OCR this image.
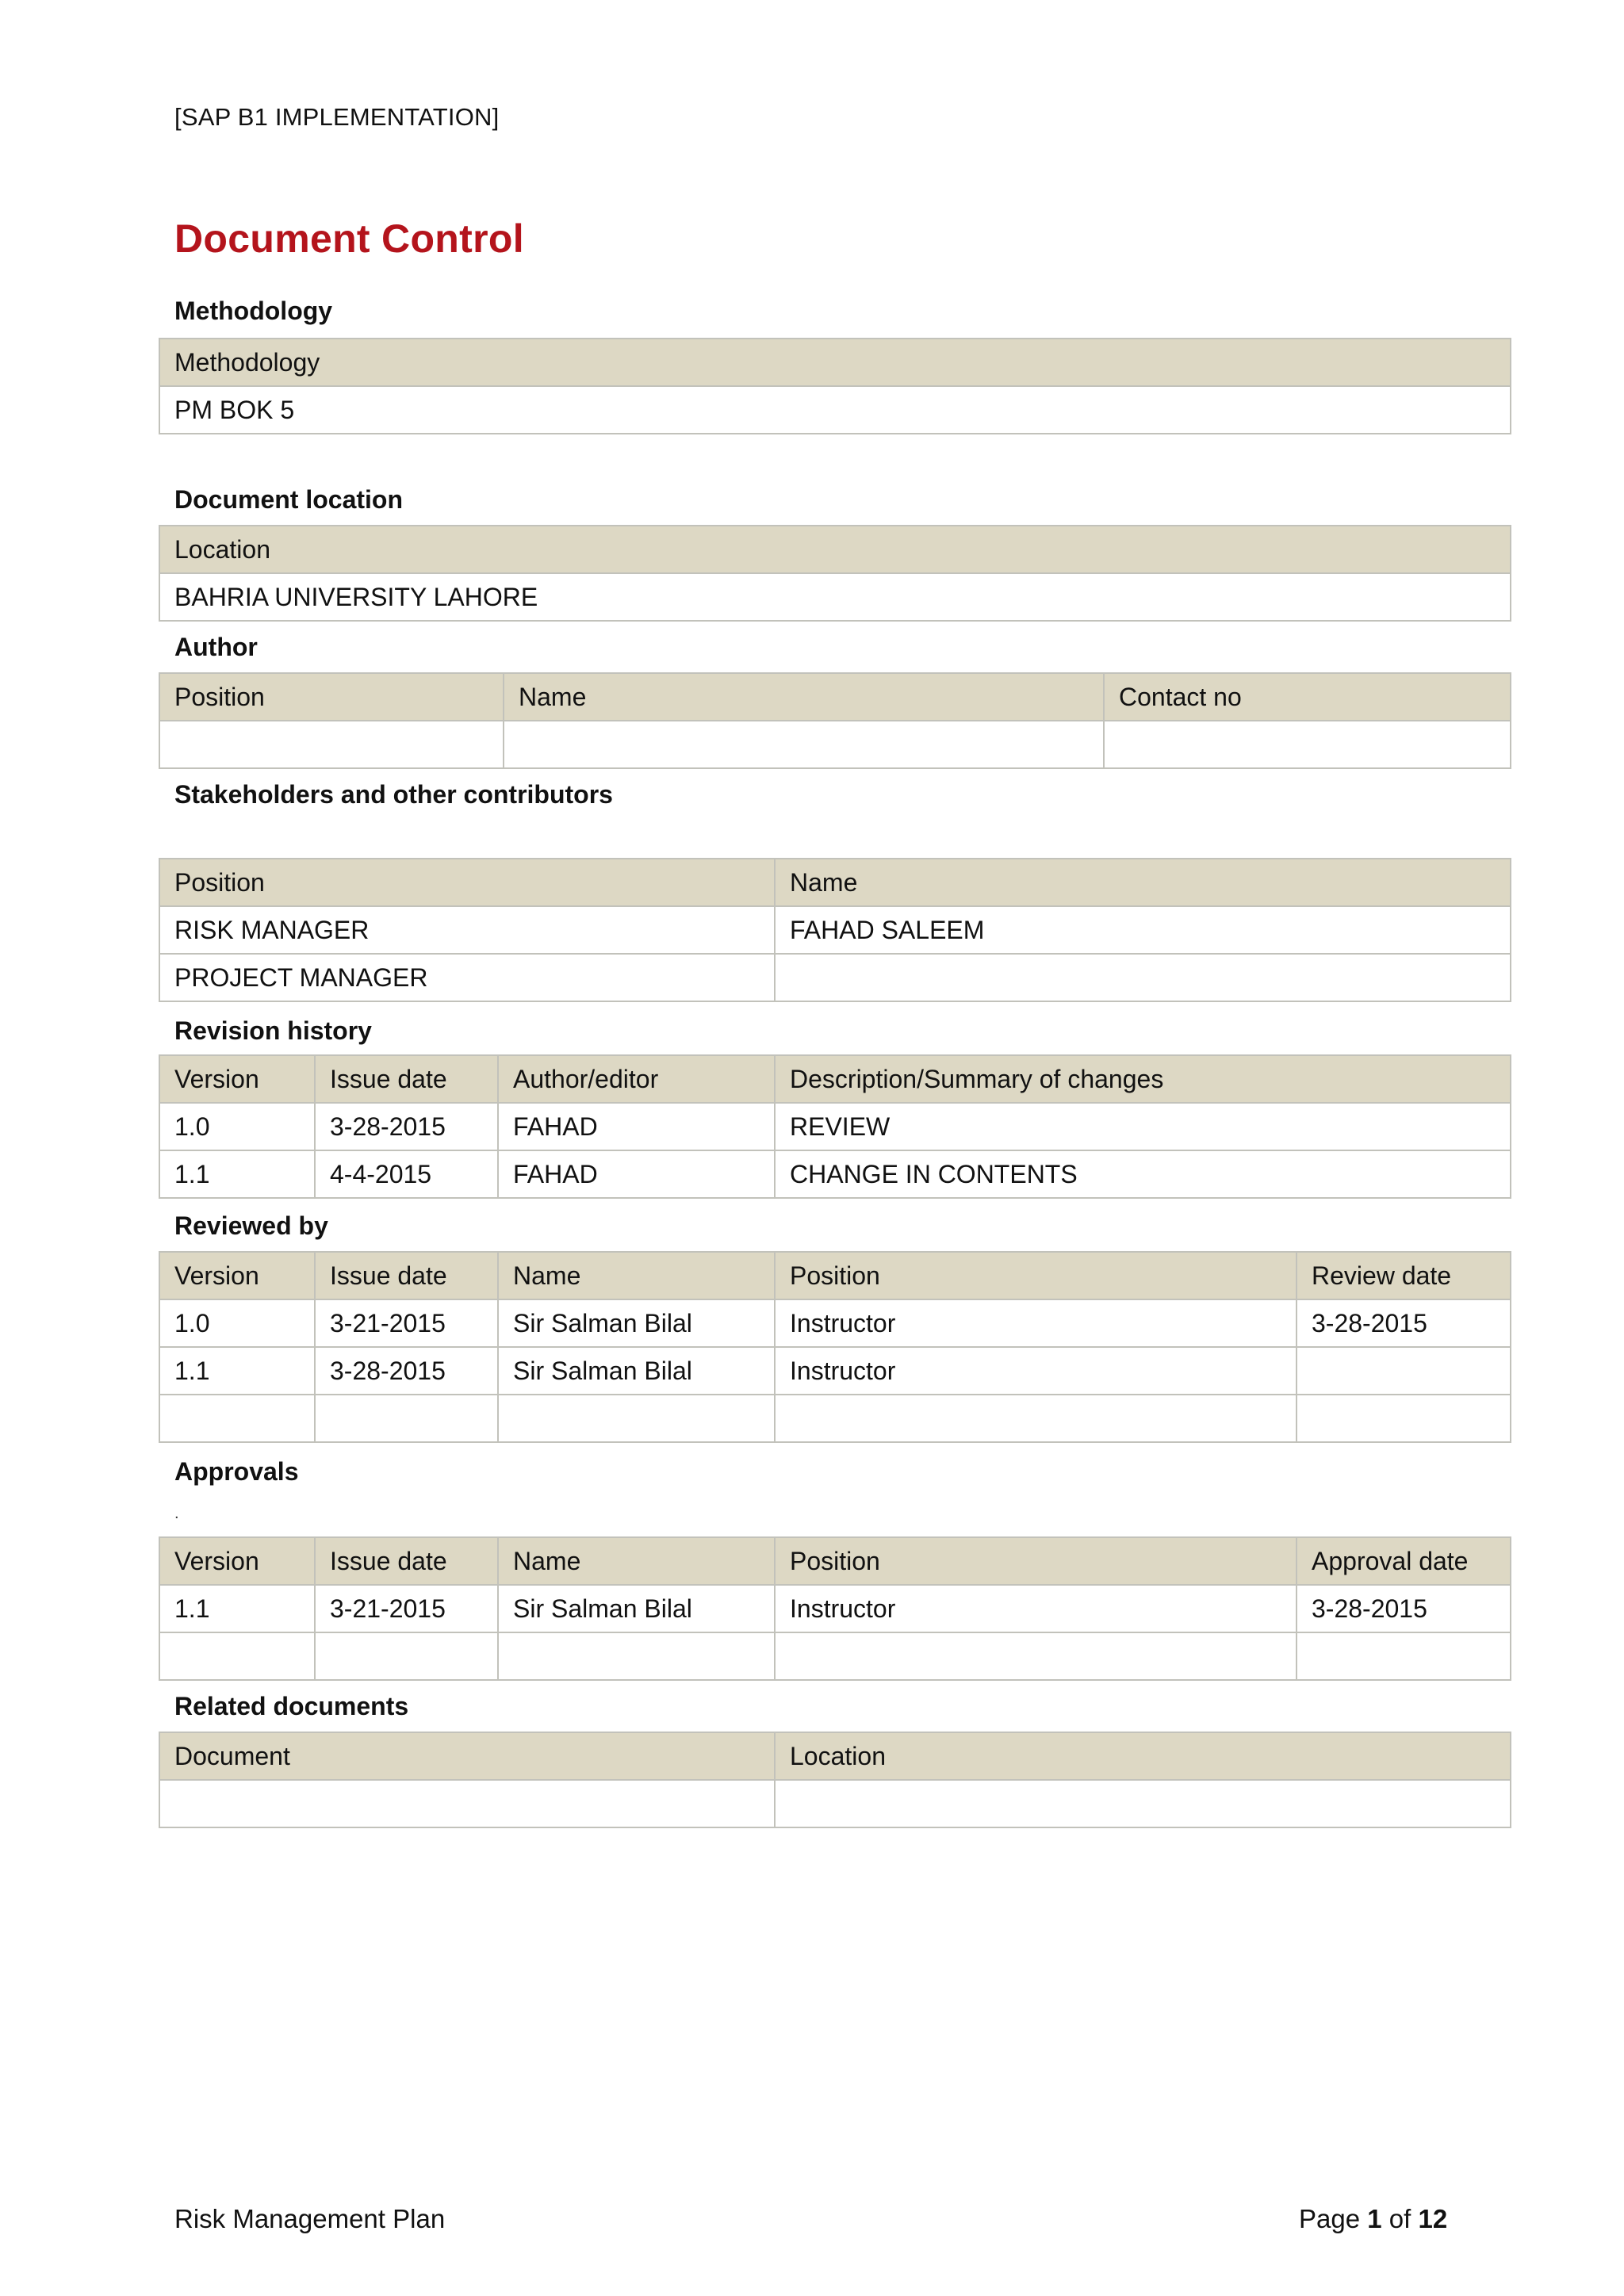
[SAP B1 IMPLEMENTATION]
Document Control
Methodology
Methodology
PM BOK 5
Document location
Location
BAHRIA UNIVERSITY LAHORE
Author
Position	Name	Contact no

Stakeholders and other contributors
Position	Name
RISK MANAGER	FAHAD SALEEM
PROJECT MANAGER	
Revision history
Version	Issue date	Author/editor	Description/Summary of changes
1.0	3-28-2015	FAHAD	REVIEW
1.1	4-4-2015	FAHAD	CHANGE IN CONTENTS
Reviewed by
Version	Issue date	Name	Position	Review date
1.0	3-21-2015	Sir Salman Bilal	Instructor	3-28-2015
1.1	3-28-2015	Sir Salman Bilal	Instructor	

Approvals
.
Version	Issue date	Name	Position	Approval date
1.1	3-21-2015	Sir Salman Bilal	Instructor	3-28-2015

Related documents
Document	Location

Risk Management Plan	Page 1 of 12
